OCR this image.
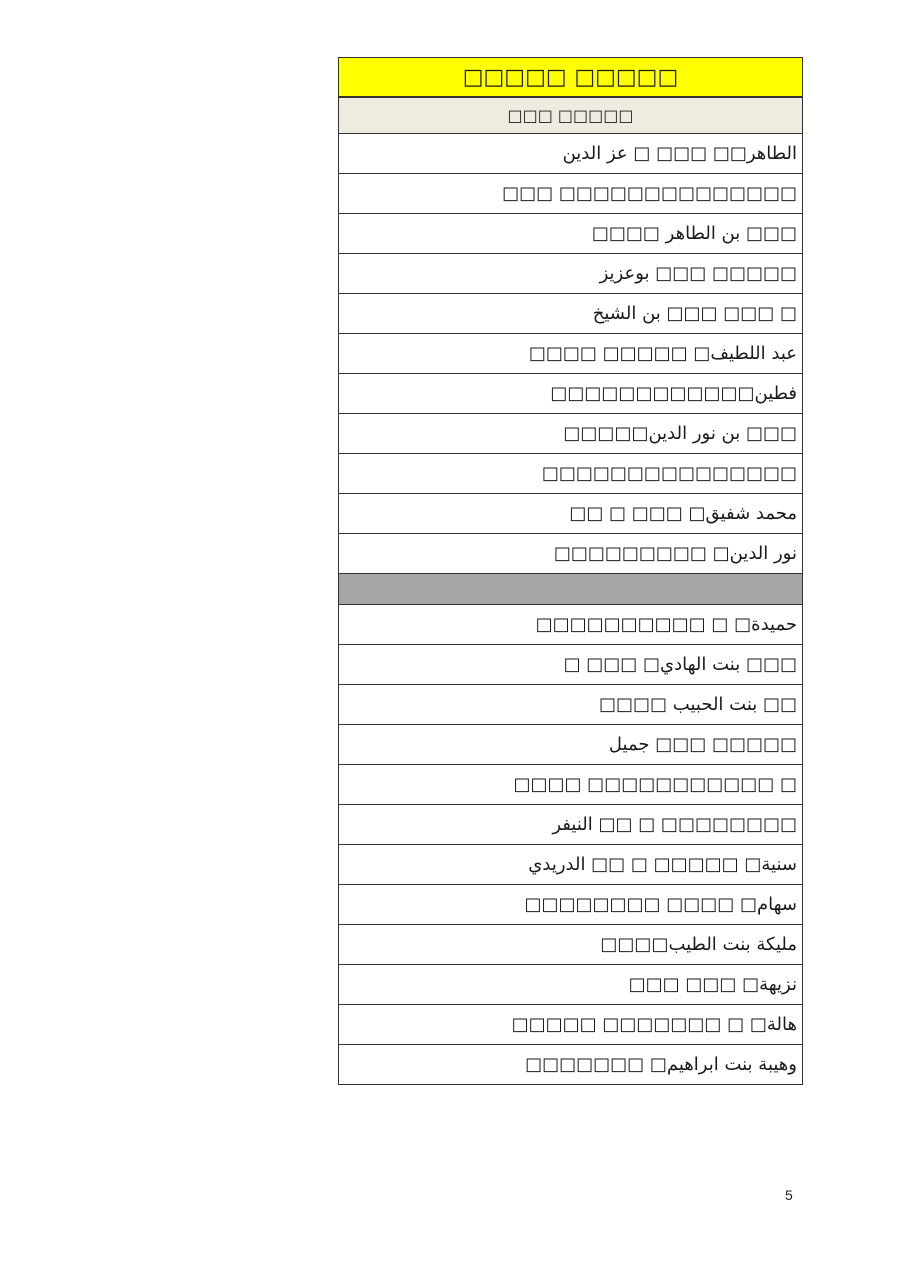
□□□□□ □□□□□
□□□□□ □□□
الطاهر□□ □□□ □ عز الدين
□□□□□□□□□□□□□□ □□□
□□□ بن الطاهر □□□□
□□□□□ □□□ بوعزيز
□ □□□ □□□ بن الشيخ
عبد اللطيف□ □□□□□ □□□□
فطين□□□□□□□□□□□□
□□□ بن نور الدين□□□□□
□□□□□□□□□□□□□□□
محمد شفيق□ □□□ □ □□
نور الدين□ □□□□□□□□□

حميدة□ □ □□□□□□□□□□
□□□ بنت الهادي□ □□□ □
□□ بنت الحبيب □□□□
□□□□□ □□□ جميل
□ □□□□□□□□□□□ □□□□
□□□□□□□□ □ □□ النيفر
سنية□ □□□□□ □ □□ الدريدي
سهام□ □□□□ □□□□□□□□
مليكة بنت الطيب□□□□
نزيهة□ □□□ □□□
هالة□ □ □□□□□□□ □□□□□
وهيبة بنت ابراهيم□ □□□□□□□
5
